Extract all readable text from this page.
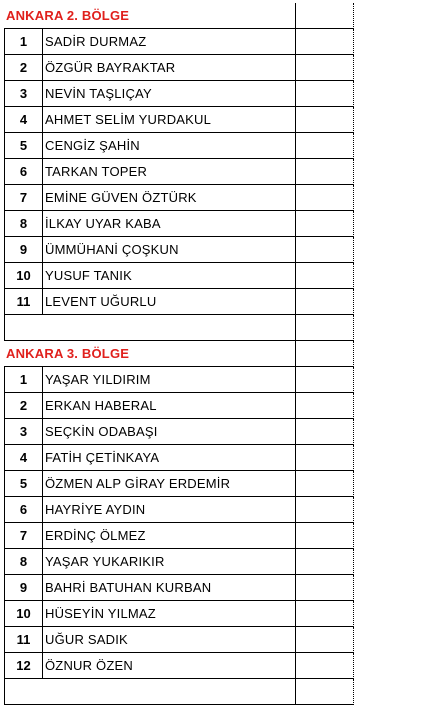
ANKARA 2. BÖLGE
1	SADİR DURMAZ
2	ÖZGÜR BAYRAKTAR
3	NEVİN TAŞLIÇAY
4	AHMET SELİM YURDAKUL
5	CENGİZ ŞAHİN
6	TARKAN TOPER
7	EMİNE GÜVEN ÖZTÜRK
8	İLKAY UYAR KABA
9	ÜMMÜHANİ ÇOŞKUN
10	YUSUF TANIK
11	LEVENT UĞURLU
ANKARA 3. BÖLGE
1	YAŞAR YILDIRIM
2	ERKAN HABERAL
3	SEÇKİN ODABAŞI
4	FATİH ÇETİNKAYA
5	ÖZMEN ALP GİRAY ERDEMİR
6	HAYRİYE AYDIN
7	ERDİNÇ ÖLMEZ
8	YAŞAR YUKARIKIR
9	BAHRİ BATUHAN KURBAN
10	HÜSEYİN YILMAZ
11	UĞUR SADIK
12	ÖZNUR ÖZEN
